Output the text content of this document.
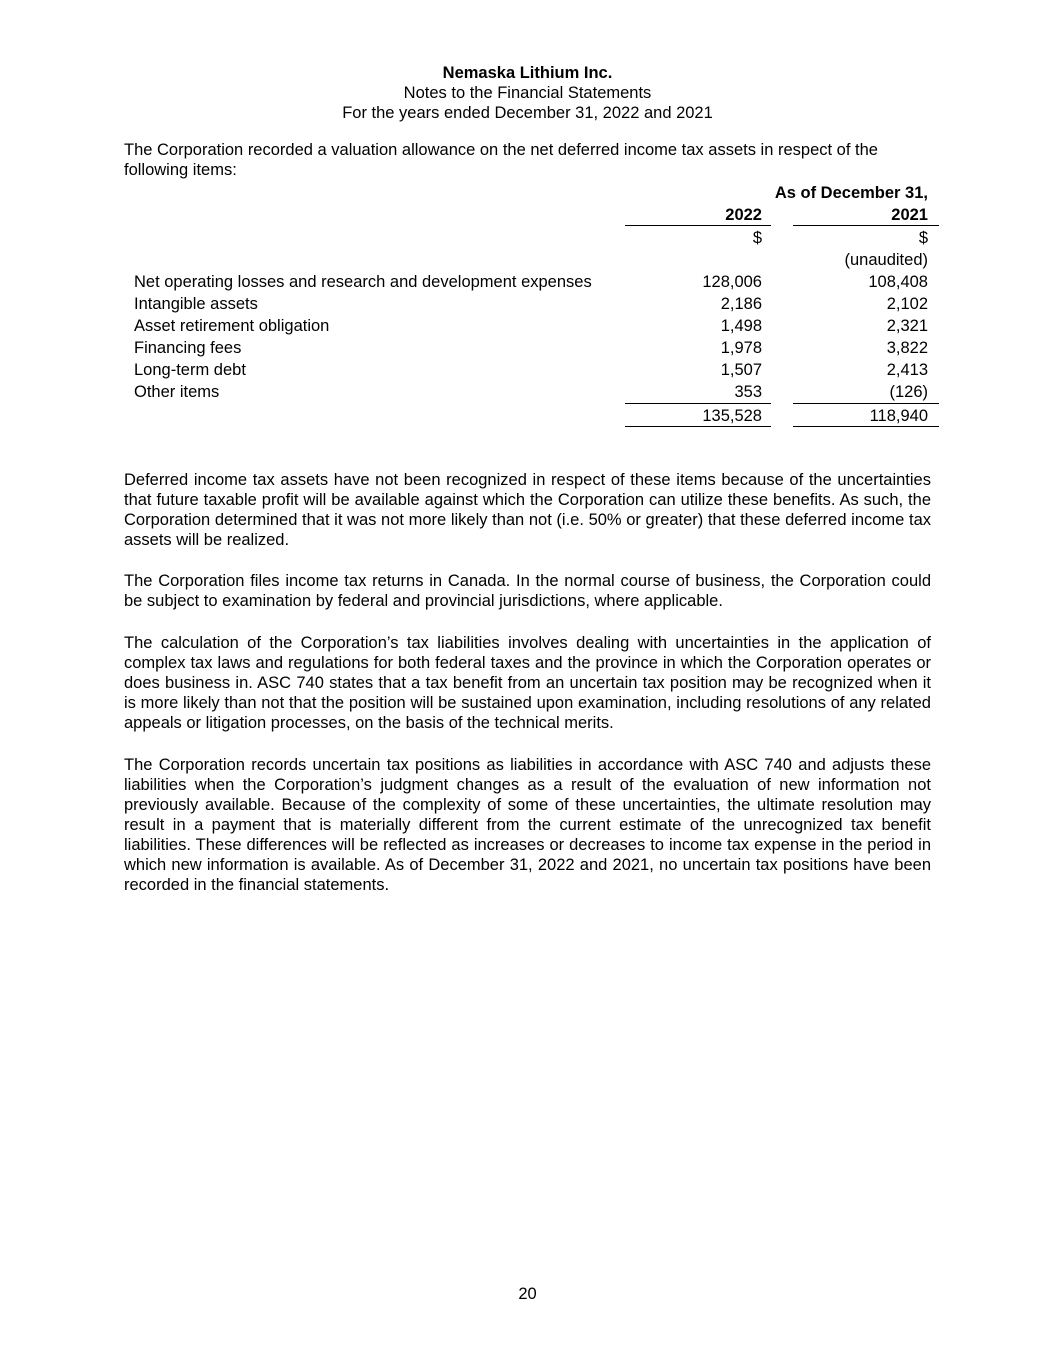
Nemaska Lithium Inc.
Notes to the Financial Statements
For the years ended December 31, 2022 and 2021
The Corporation recorded a valuation allowance on the net deferred income tax assets in respect of the following items:
As of December 31,
2022	2021
$	$
(unaudited)
Net operating losses and research and development expenses	128,006	108,408
Intangible assets	2,186	2,102
Asset retirement obligation	1,498	2,321
Financing fees	1,978	3,822
Long-term debt	1,507	2,413
Other items	353	(126)
135,528	118,940
Deferred income tax assets have not been recognized in respect of these items because of the uncertainties that future taxable profit will be available against which the Corporation can utilize these benefits. As such, the Corporation determined that it was not more likely than not (i.e. 50% or greater) that these deferred income tax assets will be realized.
The Corporation files income tax returns in Canada. In the normal course of business, the Corporation could be subject to examination by federal and provincial jurisdictions, where applicable.
The calculation of the Corporation’s tax liabilities involves dealing with uncertainties in the application of complex tax laws and regulations for both federal taxes and the province in which the Corporation operates or does business in. ASC 740 states that a tax benefit from an uncertain tax position may be recognized when it is more likely than not that the position will be sustained upon examination, including resolutions of any related appeals or litigation processes, on the basis of the technical merits.
The Corporation records uncertain tax positions as liabilities in accordance with ASC 740 and adjusts these liabilities when the Corporation’s judgment changes as a result of the evaluation of new information not previously available. Because of the complexity of some of these uncertainties, the ultimate resolution may result in a payment that is materially different from the current estimate of the unrecognized tax benefit liabilities. These differences will be reflected as increases or decreases to income tax expense in the period in which new information is available. As of December 31, 2022 and 2021, no uncertain tax positions have been recorded in the financial statements.
20
